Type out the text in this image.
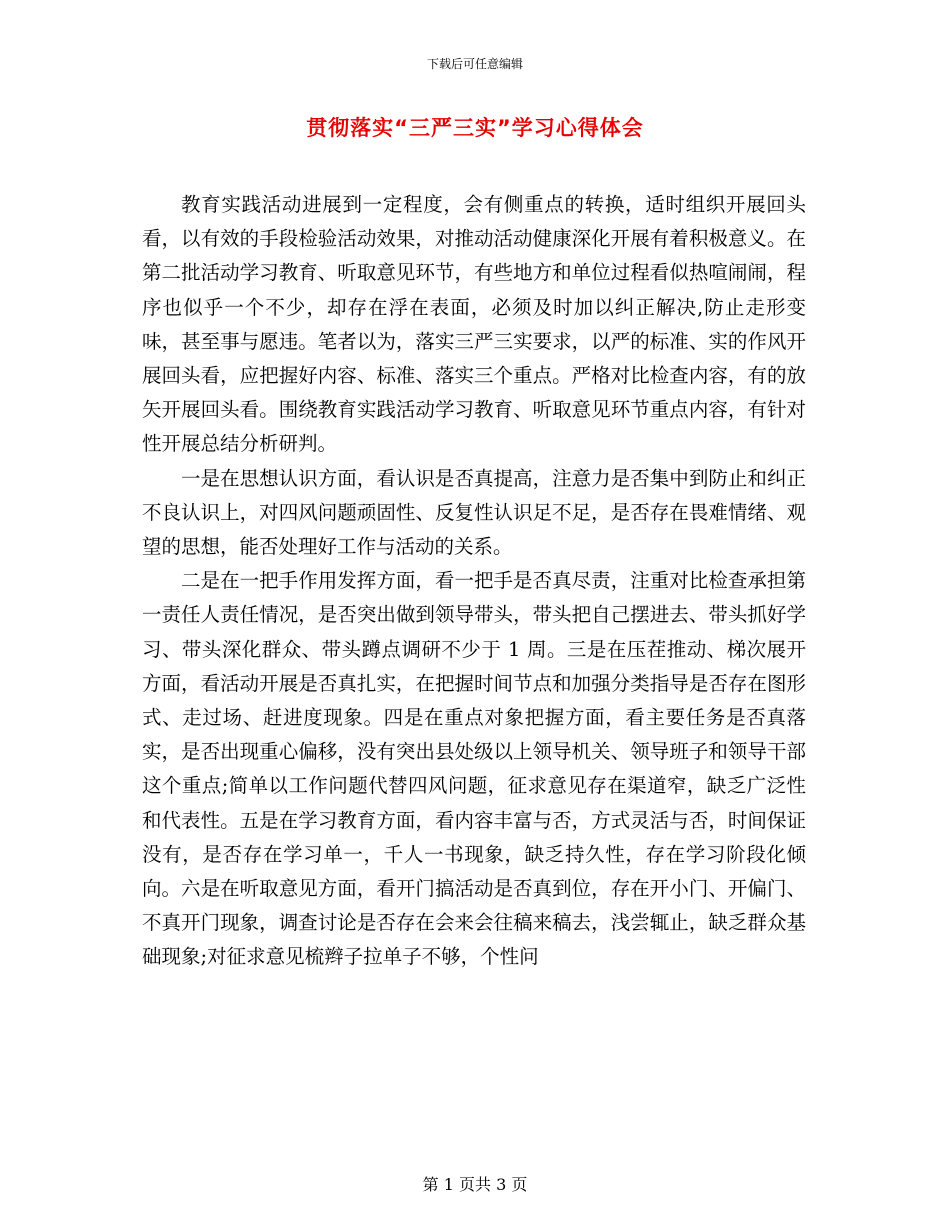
下载后可任意编辑
贯彻落实“三严三实”学习心得体会

教育实践活动进展到一定程度，会有侧重点的转换，适时组织开展回头看，以有效的手段检验活动效果，对推动活动健康深化开展有着积极意义。在第二批活动学习教育、听取意见环节，有些地方和单位过程看似热喧闹闹，程序也似乎一个不少，却存在浮在表面，必须及时加以纠正解决,防止走形变味，甚至事与愿违。笔者以为，落实三严三实要求，以严的标准、实的作风开展回头看，应把握好内容、标准、落实三个重点。严格对比检查内容，有的放矢开展回头看。围绕教育实践活动学习教育、听取意见环节重点内容，有针对性开展总结分析研判。

一是在思想认识方面，看认识是否真提高，注意力是否集中到防止和纠正不良认识上，对四风问题顽固性、反复性认识足不足，是否存在畏难情绪、观望的思想，能否处理好工作与活动的关系。

二是在一把手作用发挥方面，看一把手是否真尽责，注重对比检查承担第一责任人责任情况，是否突出做到领导带头，带头把自己摆进去、带头抓好学习、带头深化群众、带头蹲点调研不少于 1 周。三是在压茬推动、梯次展开方面，看活动开展是否真扎实，在把握时间节点和加强分类指导是否存在图形式、走过场、赶进度现象。四是在重点对象把握方面，看主要任务是否真落实，是否出现重心偏移，没有突出县处级以上领导机关、领导班子和领导干部这个重点;简单以工作问题代替四风问题，征求意见存在渠道窄，缺乏广泛性和代表性。五是在学习教育方面，看内容丰富与否，方式灵活与否，时间保证没有，是否存在学习单一，千人一书现象，缺乏持久性，存在学习阶段化倾向。六是在听取意见方面，看开门搞活动是否真到位，存在开小门、开偏门、不真开门现象，调查讨论是否存在会来会往稿来稿去，浅尝辄止，缺乏群众基础现象;对征求意见梳辫子拉单子不够，个性问

第 1 页共 3 页
